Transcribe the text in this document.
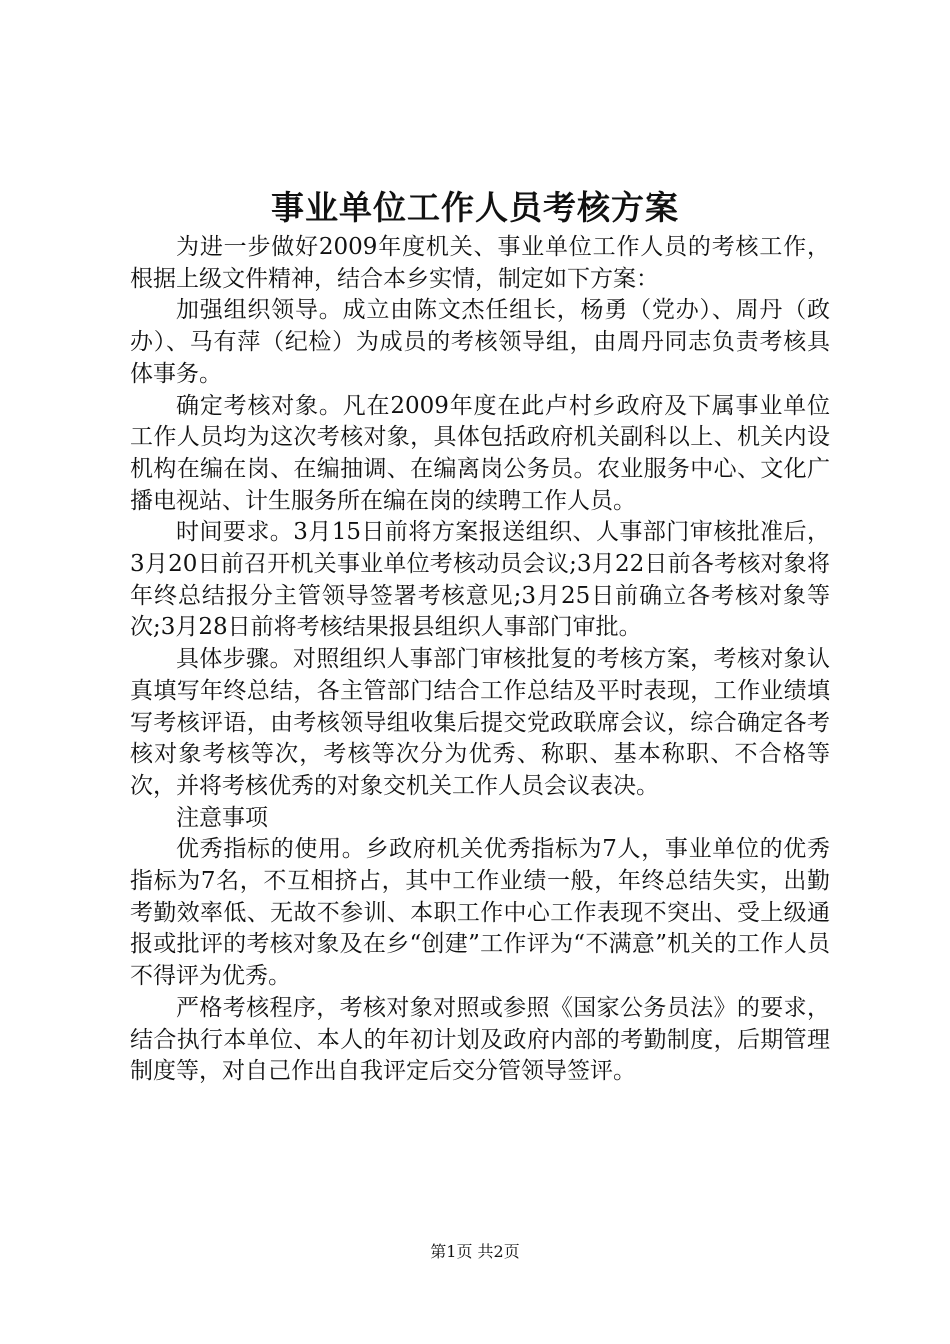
事业单位工作人员考核方案

为进一步做好2009年度机关、事业单位工作人员的考核工作，根据上级文件精神，结合本乡实情，制定如下方案：

加强组织领导。成立由陈文杰任组长，杨勇（党办）、周丹（政办）、马有萍（纪检）为成员的考核领导组，由周丹同志负责考核具体事务。

确定考核对象。凡在2009年度在此卢村乡政府及下属事业单位工作人员均为这次考核对象，具体包括政府机关副科以上、机关内设机构在编在岗、在编抽调、在编离岗公务员。农业服务中心、文化广播电视站、计生服务所在编在岗的续聘工作人员。

时间要求。3月15日前将方案报送组织、人事部门审核批准后，3月20日前召开机关事业单位考核动员会议;3月22日前各考核对象将年终总结报分主管领导签署考核意见;3月25日前确立各考核对象等次;3月28日前将考核结果报县组织人事部门审批。

具体步骤。对照组织人事部门审核批复的考核方案，考核对象认真填写年终总结，各主管部门结合工作总结及平时表现，工作业绩填写考核评语，由考核领导组收集后提交党政联席会议，综合确定各考核对象考核等次，考核等次分为优秀、称职、基本称职、不合格等次，并将考核优秀的对象交机关工作人员会议表决。

注意事项

优秀指标的使用。乡政府机关优秀指标为7人，事业单位的优秀指标为7名，不互相挤占，其中工作业绩一般，年终总结失实，出勤考勤效率低、无故不参训、本职工作中心工作表现不突出、受上级通报或批评的考核对象及在乡“创建”工作评为“不满意”机关的工作人员不得评为优秀。

严格考核程序，考核对象对照或参照《国家公务员法》的要求，结合执行本单位、本人的年初计划及政府内部的考勤制度，后期管理制度等，对自己作出自我评定后交分管领导签评。

第1页 共2页
